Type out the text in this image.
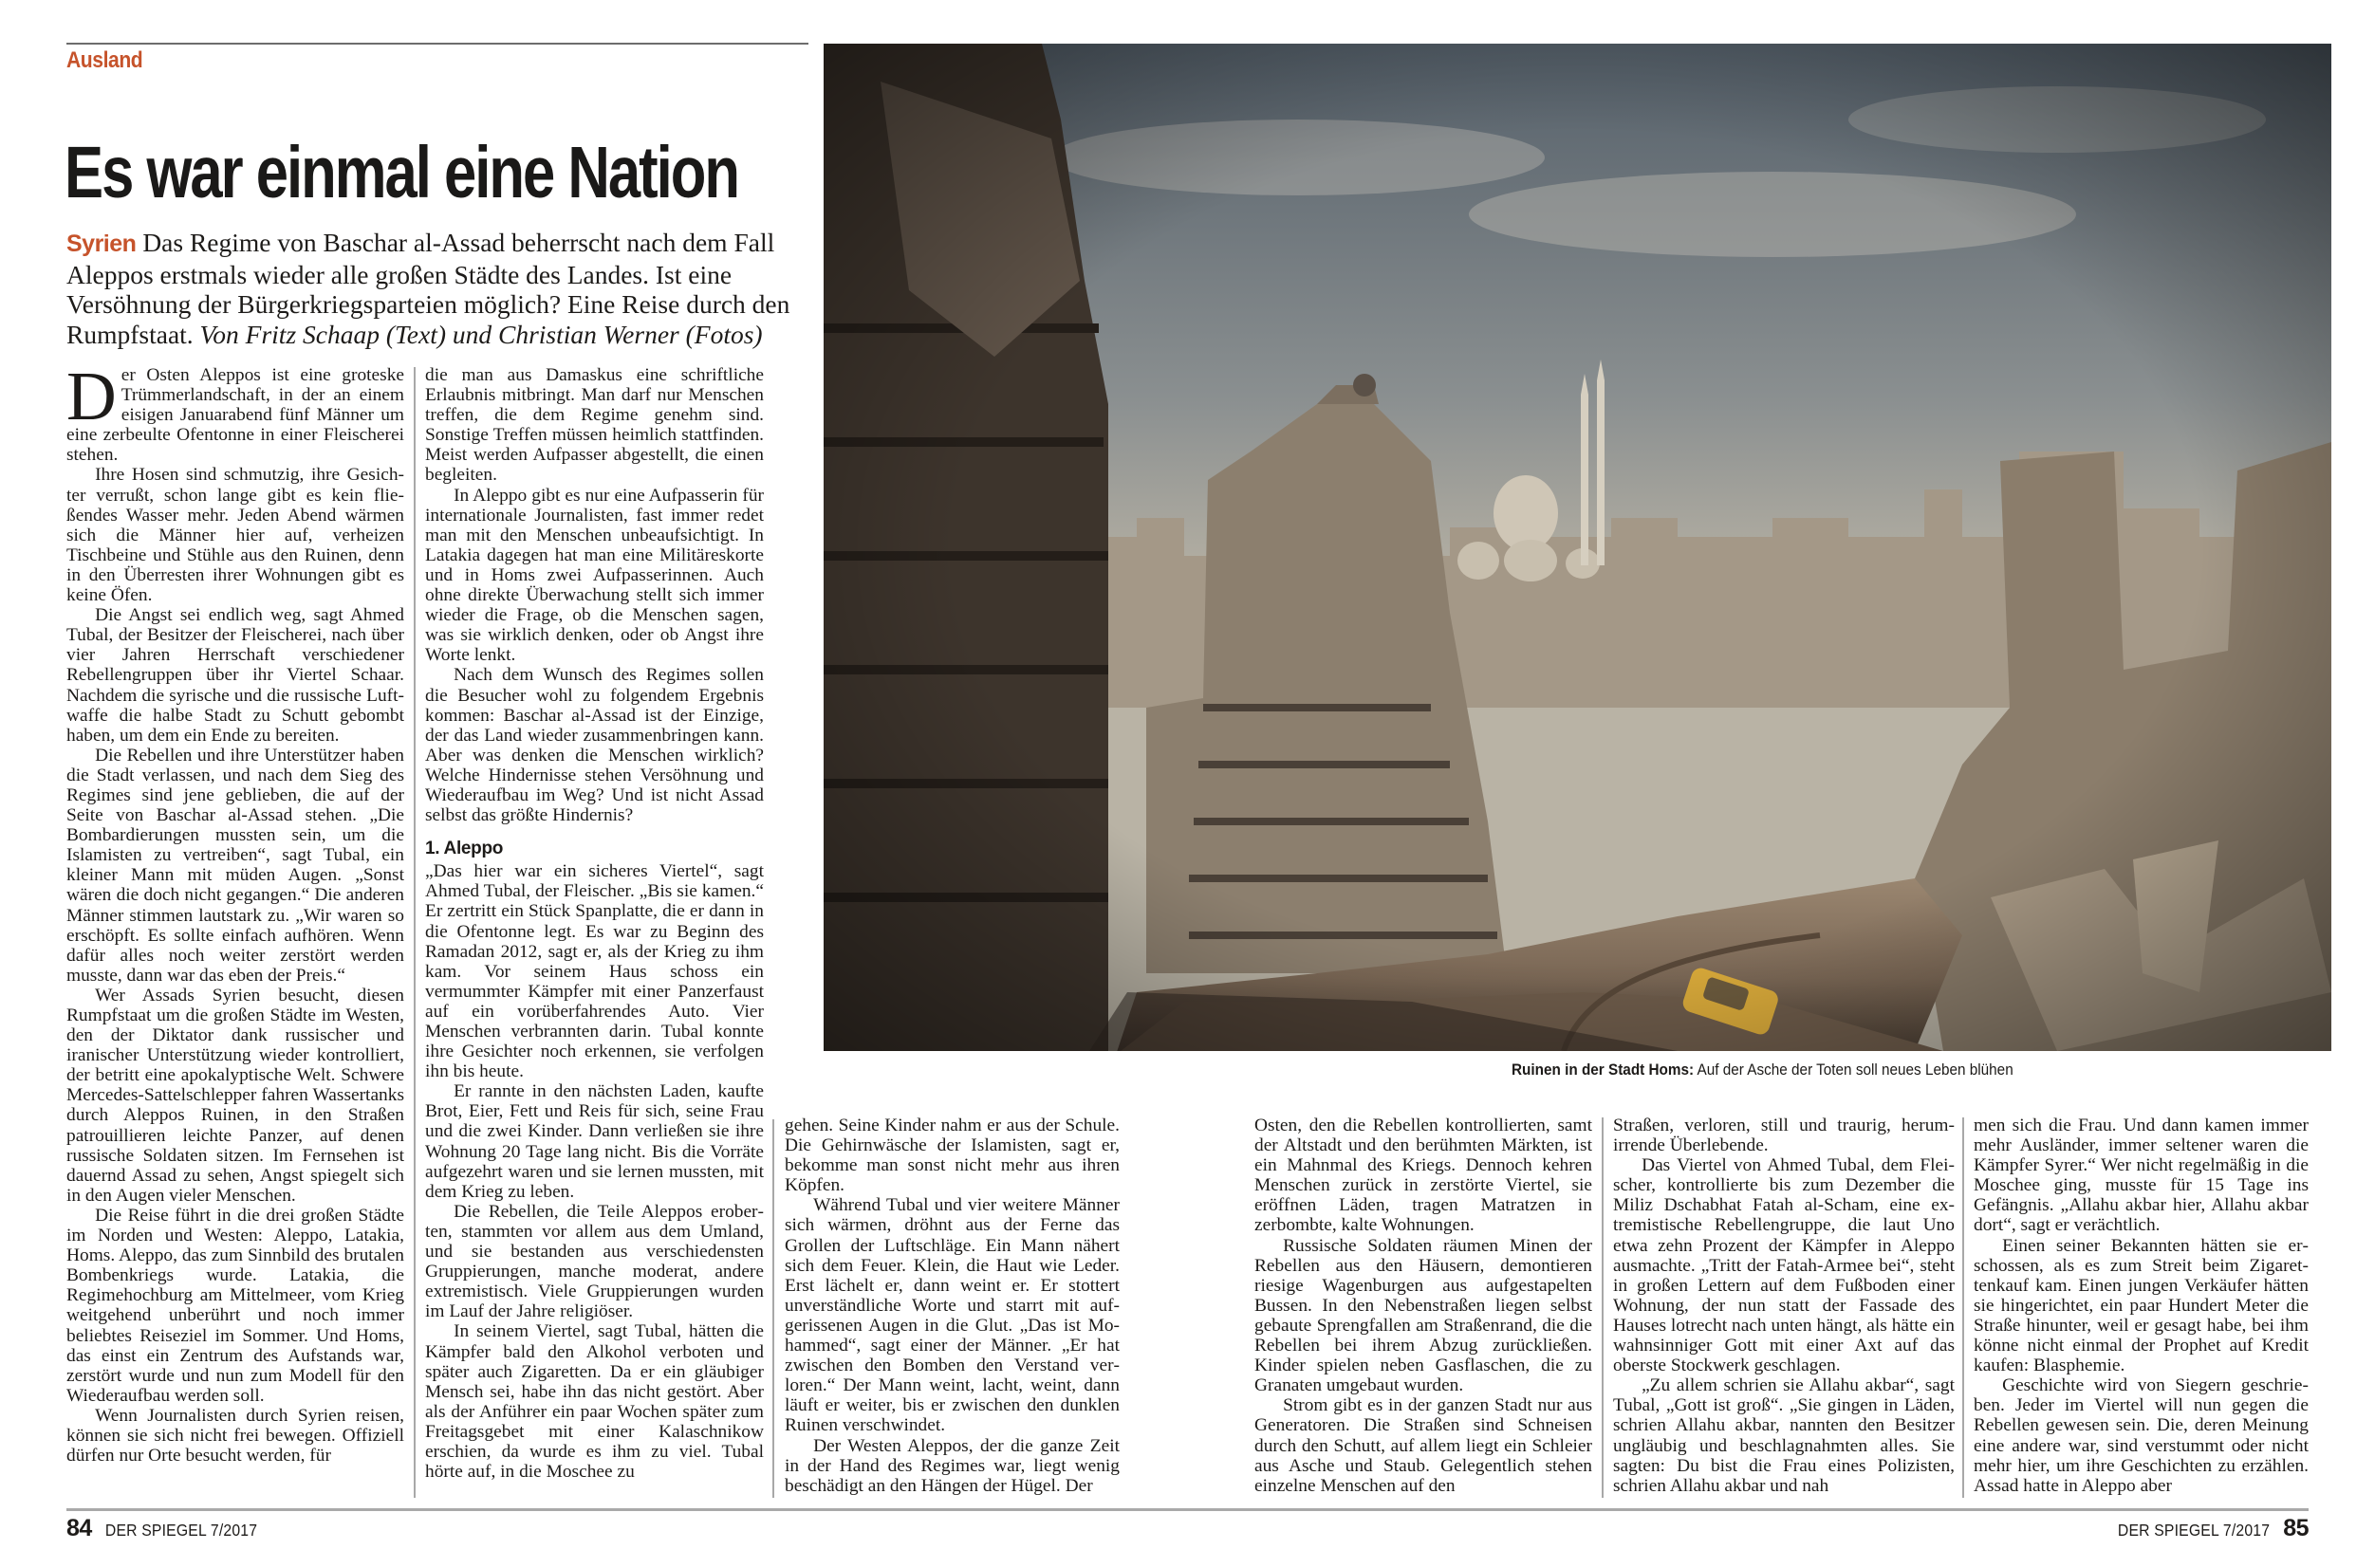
Ausland
Es war einmal eine Nation
Syrien Das Regime von Baschar al-Assad beherrscht nach dem Fall Aleppos erstmals wieder alle großen Städte des Landes. Ist eine Versöhnung der Bürgerkriegsparteien möglich? Eine Reise durch den Rumpfstaat. Von Fritz Schaap (Text) und Christian Werner (Fotos)

Der Osten Aleppos ist eine groteske Trümmerlandschaft, in der an einem eisigen Januarabend fünf Männer um eine zerbeulte Ofentonne in einer Fleischerei stehen.

Ihre Hosen sind schmutzig, ihre Gesichter verrußt, schon lange gibt es kein fließendes Wasser mehr. Jeden Abend wärmen sich die Männer hier auf, verheizen Tischbeine und Stühle aus den Ruinen, denn in den Überresten ihrer Wohnungen gibt es keine Öfen.

Die Angst sei endlich weg, sagt Ahmed Tubal, der Besitzer der Fleischerei, nach über vier Jahren Herrschaft verschiedener Rebellengruppen über ihr Viertel Schaar. Nachdem die syrische und die russische Luftwaffe die halbe Stadt zu Schutt gebombt haben, um dem ein Ende zu bereiten.

Die Rebellen und ihre Unterstützer haben die Stadt verlassen, und nach dem Sieg des Regimes sind jene geblieben, die auf der Seite von Baschar al-Assad stehen. „Die Bombardierungen mussten sein, um die Islamisten zu vertreiben“, sagt Tubal, ein kleiner Mann mit müden Augen. „Sonst wären die doch nicht gegangen.“ Die anderen Männer stimmen lautstark zu. „Wir waren so erschöpft. Es sollte einfach aufhören. Wenn dafür alles noch weiter zerstört werden musste, dann war das eben der Preis.“

Wer Assads Syrien besucht, diesen Rumpfstaat um die großen Städte im Westen, den der Diktator dank russischer und iranischer Unterstützung wieder kontrolliert, der betritt eine apokalyptische Welt. Schwere Mercedes-Sattelschlepper fahren Wassertanks durch Aleppos Ruinen, in den Straßen patrouillieren leichte Panzer, auf denen russische Soldaten sitzen. Im Fernsehen ist dauernd Assad zu sehen, Angst spiegelt sich in den Augen vieler Menschen.

Die Reise führt in die drei großen Städte im Norden und Westen: Aleppo, Latakia, Homs. Aleppo, das zum Sinnbild des brutalen Bombenkriegs wurde. Latakia, die Regimehochburg am Mittelmeer, vom Krieg weitgehend unberührt und noch immer beliebtes Reiseziel im Sommer. Und Homs, das einst ein Zentrum des Aufstands war, zerstört wurde und nun zum Modell für den Wiederaufbau werden soll.

Wenn Journalisten durch Syrien reisen, können sie sich nicht frei bewegen. Offiziell dürfen nur Orte besucht werden, für

die man aus Damaskus eine schriftliche Erlaubnis mitbringt. Man darf nur Menschen treffen, die dem Regime genehm sind. Sonstige Treffen müssen heimlich stattfinden. Meist werden Aufpasser abgestellt, die einen begleiten.

In Aleppo gibt es nur eine Aufpasserin für internationale Journalisten, fast immer redet man mit den Menschen unbeaufsichtigt. In Latakia dagegen hat man eine Militäreskorte und in Homs zwei Aufpasserinnen. Auch ohne direkte Überwachung stellt sich immer wieder die Frage, ob die Menschen sagen, was sie wirklich denken, oder ob Angst ihre Worte lenkt.

Nach dem Wunsch des Regimes sollen die Besucher wohl zu folgendem Ergebnis kommen: Baschar al-Assad ist der Einzige, der das Land wieder zusammenbringen kann. Aber was denken die Menschen wirklich? Welche Hindernisse stehen Versöhnung und Wiederaufbau im Weg? Und ist nicht Assad selbst das größte Hindernis?

1. Aleppo

„Das hier war ein sicheres Viertel“, sagt Ahmed Tubal, der Fleischer. „Bis sie kamen.“ Er zertritt ein Stück Spanplatte, die er dann in die Ofentonne legt. Es war zu Beginn des Ramadan 2012, sagt er, als der Krieg zu ihm kam. Vor seinem Haus schoss ein vermummter Kämpfer mit einer Panzerfaust auf ein vorüberfahrendes Auto. Vier Menschen verbrannten darin. Tubal konnte ihre Gesichter noch erkennen, sie verfolgen ihn bis heute.

Er rannte in den nächsten Laden, kaufte Brot, Eier, Fett und Reis für sich, seine Frau und die zwei Kinder. Dann verließen sie ihre Wohnung 20 Tage lang nicht. Bis die Vorräte aufgezehrt waren und sie lernen mussten, mit dem Krieg zu leben.

Die Rebellen, die Teile Aleppos eroberten, stammten vor allem aus dem Umland, und sie bestanden aus verschiedensten Gruppierungen, manche moderat, andere extremistisch. Viele Gruppierungen wurden im Lauf der Jahre religiöser.

In seinem Viertel, sagt Tubal, hätten die Kämpfer bald den Alkohol verboten und später auch Zigaretten. Da er ein gläubiger Mensch sei, habe ihn das nicht gestört. Aber als der Anführer ein paar Wochen später zum Freitagsgebet mit einer Kalaschnikow erschien, da wurde es ihm zu viel. Tubal hörte auf, in die Moschee zu

gehen. Seine Kinder nahm er aus der Schule. Die Gehirnwäsche der Islamisten, sagt er, bekomme man sonst nicht mehr aus ihren Köpfen.

Während Tubal und vier weitere Männer sich wärmen, dröhnt aus der Ferne das Grollen der Luftschläge. Ein Mann nähert sich dem Feuer. Klein, die Haut wie Leder. Erst lächelt er, dann weint er. Er stottert unverständliche Worte und starrt mit aufgerissenen Augen in die Glut. „Das ist Mohammed“, sagt einer der Männer. „Er hat zwischen den Bomben den Verstand verloren.“ Der Mann weint, lacht, weint, dann läuft er weiter, bis er zwischen den dunklen Ruinen verschwindet.

Der Westen Aleppos, der die ganze Zeit in der Hand des Regimes war, liegt wenig beschädigt an den Hängen der Hügel. Der

Ruinen in der Stadt Homs: Auf der Asche der Toten soll neues Leben blühen

Osten, den die Rebellen kontrollierten, samt der Altstadt und den berühmten Märkten, ist ein Mahnmal des Kriegs. Dennoch kehren Menschen zurück in zerstörte Viertel, sie eröffnen Läden, tragen Matratzen in zerbombte, kalte Wohnungen.

Russische Soldaten räumen Minen der Rebellen aus den Häusern, demontieren riesige Wagenburgen aus aufgestapelten Bussen. In den Nebenstraßen liegen selbst gebaute Sprengfallen am Straßenrand, die die Rebellen bei ihrem Abzug zurückließen. Kinder spielen neben Gasflaschen, die zu Granaten umgebaut wurden.

Strom gibt es in der ganzen Stadt nur aus Generatoren. Die Straßen sind Schneisen durch den Schutt, auf allem liegt ein Schleier aus Asche und Staub. Gelegentlich stehen einzelne Menschen auf den

Straßen, verloren, still und traurig, herumirrende Überlebende.

Das Viertel von Ahmed Tubal, dem Fleischer, kontrollierte bis zum Dezember die Miliz Dschabhat Fatah al-Scham, eine extremistische Rebellengruppe, die laut Uno etwa zehn Prozent der Kämpfer in Aleppo ausmachte. „Tritt der Fatah-Armee bei“, steht in großen Lettern auf dem Fußboden einer Wohnung, der nun statt der Fassade des Hauses lotrecht nach unten hängt, als hätte ein wahnsinniger Gott mit einer Axt auf das oberste Stockwerk geschlagen.

„Zu allem schrien sie Allahu akbar“, sagt Tubal, „Gott ist groß“. „Sie gingen in Läden, schrien Allahu akbar, nannten den Besitzer ungläubig und beschlagnahmten alles. Sie sagten: Du bist die Frau eines Polizisten, schrien Allahu akbar und nah

men sich die Frau. Und dann kamen immer mehr Ausländer, immer seltener waren die Kämpfer Syrer.“ Wer nicht regelmäßig in die Moschee ging, musste für 15 Tage ins Gefängnis. „Allahu akbar hier, Allahu akbar dort“, sagt er verächtlich.

Einen seiner Bekannten hätten sie erschossen, als es zum Streit beim Zigarettenkauf kam. Einen jungen Verkäufer hätten sie hingerichtet, ein paar Hundert Meter die Straße hinunter, weil er gesagt habe, bei ihm könne nicht einmal der Prophet auf Kredit kaufen: Blasphemie.

Geschichte wird von Siegern geschrieben. Jeder im Viertel will nun gegen die Rebellen gewesen sein. Die, deren Meinung eine andere war, sind verstummt oder nicht mehr hier, um ihre Geschichten zu erzählen. Assad hatte in Aleppo aber

84 DER SPIEGEL 7/2017	DER SPIEGEL 7/2017 85
